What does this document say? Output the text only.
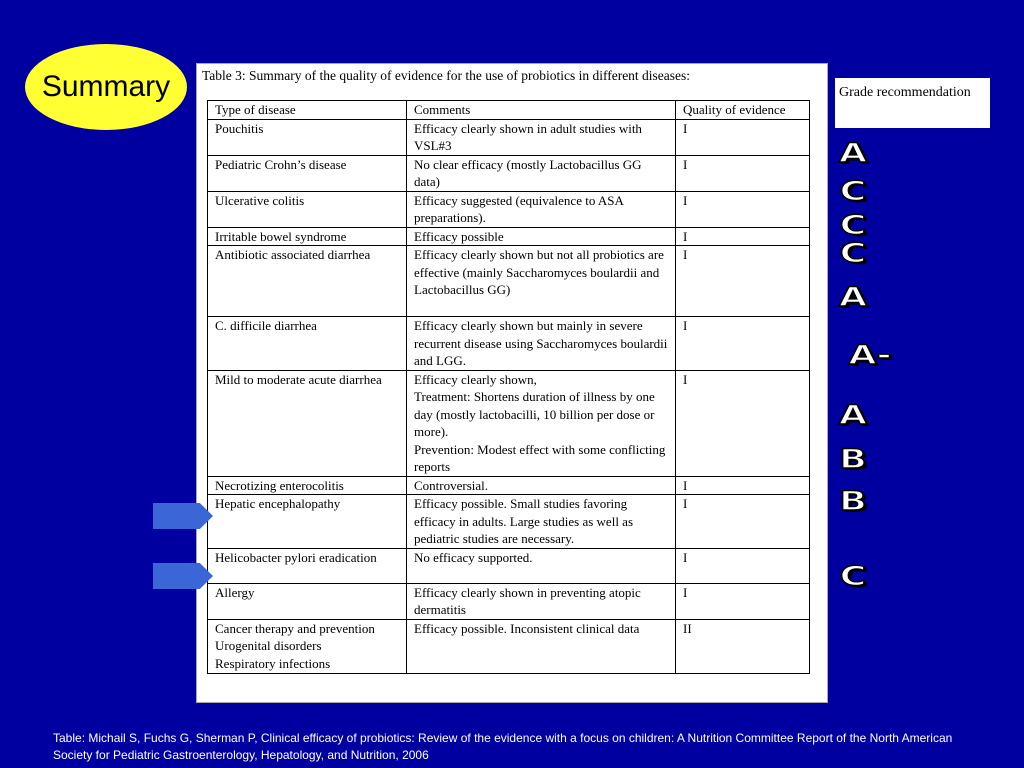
Summary Table 3: Summary of the quality of evidence for the use of probiotics in different diseases:
Type of disease	Comments	Quality of evidence
Pouchitis	Efficacy clearly shown in adult studies with VSL#3	I
Pediatric Crohn’s disease	No clear efficacy (mostly Lactobacillus GG data)	I
Ulcerative colitis	Efficacy suggested (equivalence to ASA preparations).	I
Irritable bowel syndrome	Efficacy possible	I
Antibiotic associated diarrhea	Efficacy clearly shown but not all probiotics are effective (mainly Saccharomyces boulardii and Lactobacillus GG)	I
C. difficile diarrhea	Efficacy clearly shown but mainly in severe recurrent disease using Saccharomyces boulardii and LGG.	I
Mild to moderate acute diarrhea	Efficacy clearly shown,
Treatment: Shortens duration of illness by one day (mostly lactobacilli, 10 billion per dose or more).
Prevention: Modest effect with some conflicting reports	I
Necrotizing enterocolitis	Controversial.	I
Hepatic encephalopathy	Efficacy possible. Small studies favoring efficacy in adults. Large studies as well as pediatric studies are necessary.	I
Helicobacter pylori eradication	No efficacy supported.	I
Allergy	Efficacy clearly shown in preventing atopic dermatitis	I
Cancer therapy and prevention
Urogenital disorders
Respiratory infections	Efficacy possible. Inconsistent clinical data	II
Grade recommendation
A
C
C
C
A
A-
A
B
B
C
Table: Michail S, Fuchs G, Sherman P, Clinical efficacy of probiotics: Review of the evidence with a focus on children: A Nutrition Committee Report of the North American Society for Pediatric Gastroenterology, Hepatology, and Nutrition, 2006
